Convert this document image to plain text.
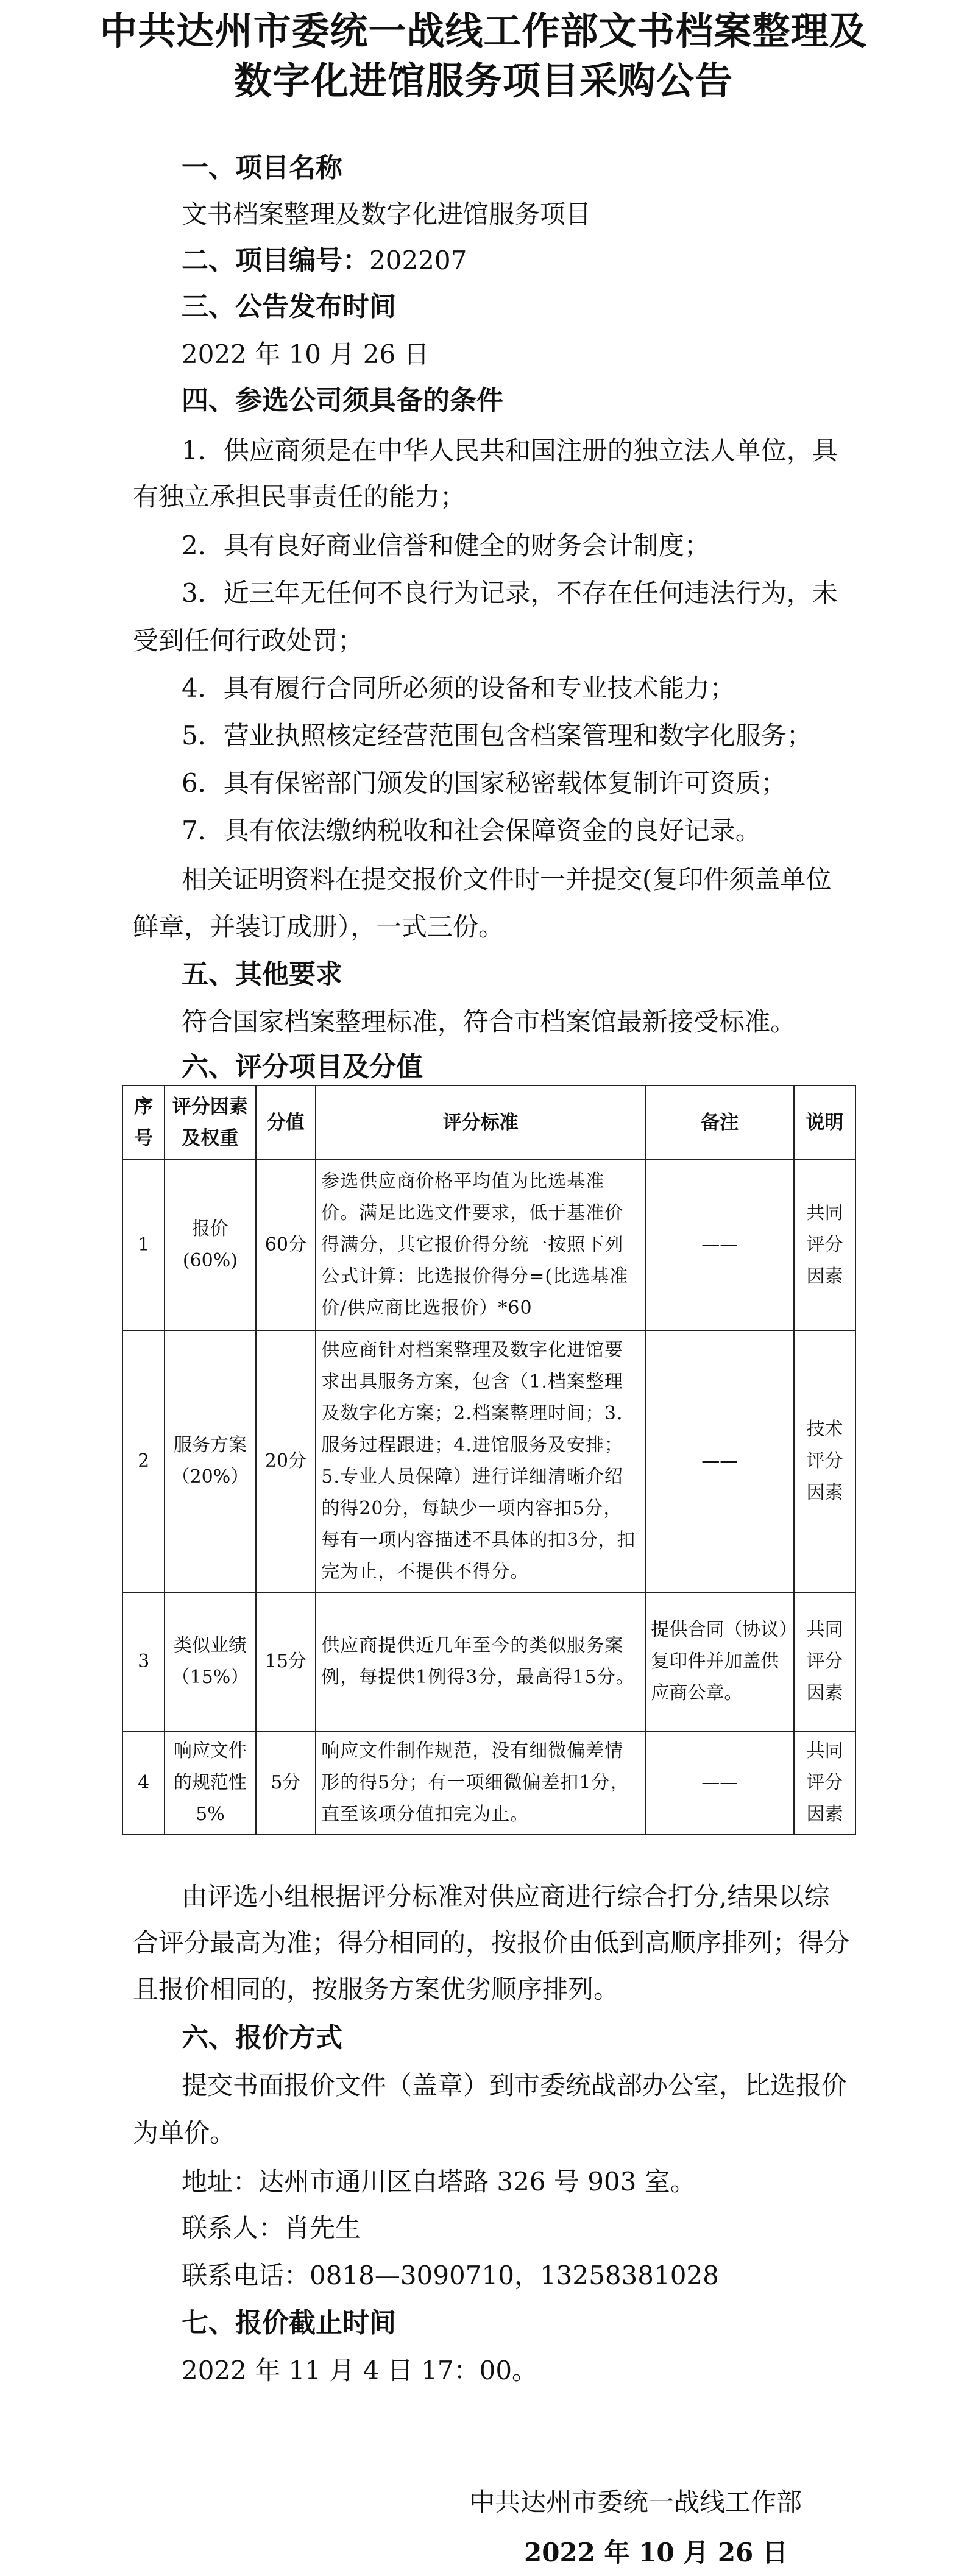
中共达州市委统一战线工作部文书档案整理及
数字化进馆服务项目采购公告
一、项目名称
文书档案整理及数字化进馆服务项目
二、项目编号：202207
三、公告发布时间
2022 年 10 月 26 日
四、参选公司须具备的条件
1．供应商须是在中华人民共和国注册的独立法人单位，具
有独立承担民事责任的能力；
2．具有良好商业信誉和健全的财务会计制度；
3．近三年无任何不良行为记录，不存在任何违法行为，未
受到任何行政处罚；
4．具有履行合同所必须的设备和专业技术能力；
5．营业执照核定经营范围包含档案管理和数字化服务；
6．具有保密部门颁发的国家秘密载体复制许可资质；
7．具有依法缴纳税收和社会保障资金的良好记录。
相关证明资料在提交报价文件时一并提交(复印件须盖单位
鲜章，并装订成册），一式三份。
五、其他要求
符合国家档案整理标准，符合市档案馆最新接受标准。
六、评分项目及分值
序号	评分因素及权重	分值	评分标准	备注	说明
1	报价(60%)	60分	参选供应商价格平均值为比选基准价。满足比选文件要求，低于基准价得满分，其它报价得分统一按照下列公式计算：比选报价得分=(比选基准价/供应商比选报价）*60	——	共同评分因素
2	服务方案（20%）	20分	供应商针对档案整理及数字化进馆要求出具服务方案，包含（1.档案整理及数字化方案；2.档案整理时间；3.服务过程跟进；4.进馆服务及安排；5.专业人员保障）进行详细清晰介绍的得20分，每缺少一项内容扣5分，每有一项内容描述不具体的扣3分，扣完为止，不提供不得分。	——	技术评分因素
3	类似业绩（15%）	15分	供应商提供近几年至今的类似服务案例，每提供1例得3分，最高得15分。	提供合同（协议）复印件并加盖供应商公章。	共同评分因素
4	响应文件的规范性5%	5分	响应文件制作规范，没有细微偏差情形的得5分；有一项细微偏差扣1分，直至该项分值扣完为止。	——	共同评分因素
由评选小组根据评分标准对供应商进行综合打分,结果以综
合评分最高为准；得分相同的，按报价由低到高顺序排列；得分
且报价相同的，按服务方案优劣顺序排列。
六、报价方式
提交书面报价文件（盖章）到市委统战部办公室，比选报价
为单价。
地址：达州市通川区白塔路 326 号 903 室。
联系人：肖先生
联系电话：0818—3090710，13258381028
七、报价截止时间
2022 年 11 月 4 日 17：00。
中共达州市委统一战线工作部
2022 年 10 月 26 日
